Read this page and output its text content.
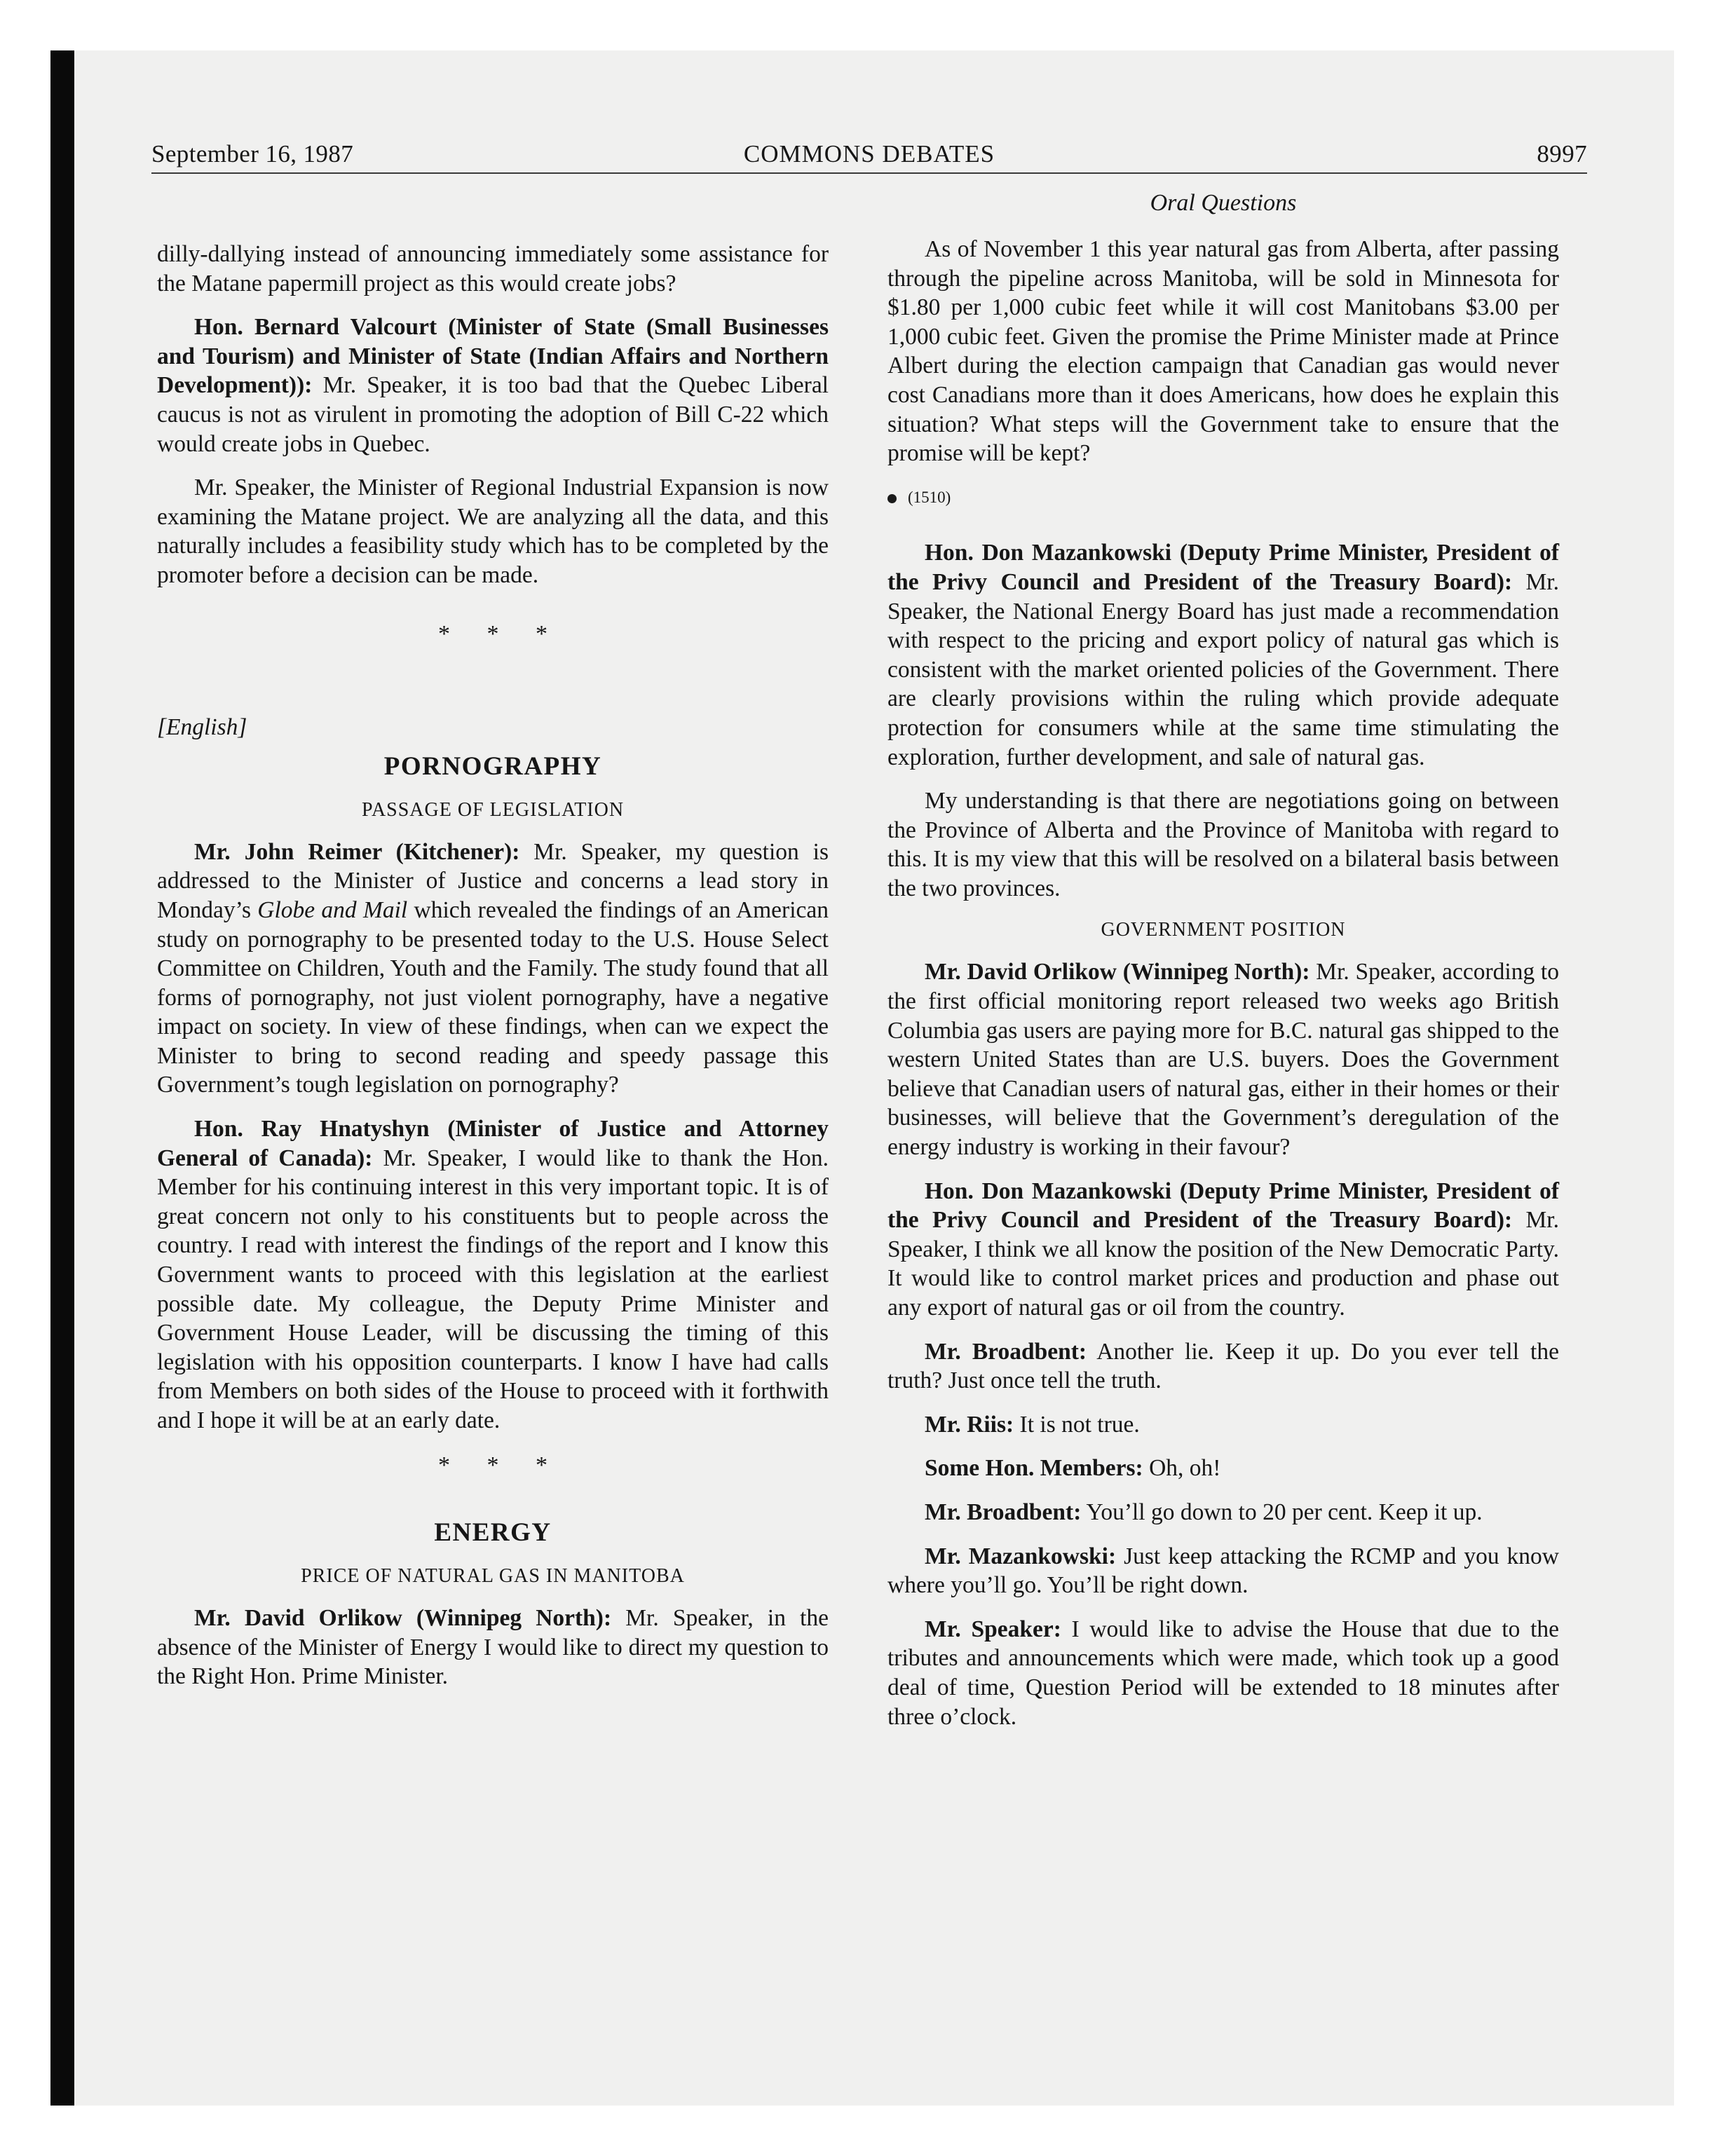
September 16, 1987	COMMONS DEBATES	8997

dilly-dallying instead of announcing immediately some assistance for the Matane papermill project as this would create jobs?

Hon. Bernard Valcourt (Minister of State (Small Businesses and Tourism) and Minister of State (Indian Affairs and Northern Development)): Mr. Speaker, it is too bad that the Quebec Liberal caucus is not as virulent in promoting the adoption of Bill C-22 which would create jobs in Quebec.

Mr. Speaker, the Minister of Regional Industrial Expansion is now examining the Matane project. We are analyzing all the data, and this naturally includes a feasibility study which has to be completed by the promoter before a decision can be made.

* * *
[English]
PORNOGRAPHY
PASSAGE OF LEGISLATION

Mr. John Reimer (Kitchener): Mr. Speaker, my question is addressed to the Minister of Justice and concerns a lead story in Monday’s Globe and Mail which revealed the findings of an American study on pornography to be presented today to the U.S. House Select Committee on Children, Youth and the Family. The study found that all forms of pornography, not just violent pornography, have a negative impact on society. In view of these findings, when can we expect the Minister to bring to second reading and speedy passage this Government’s tough legislation on pornography?

Hon. Ray Hnatyshyn (Minister of Justice and Attorney General of Canada): Mr. Speaker, I would like to thank the Hon. Member for his continuing interest in this very important topic. It is of great concern not only to his constituents but to people across the country. I read with interest the findings of the report and I know this Government wants to proceed with this legislation at the earliest possible date. My colleague, the Deputy Prime Minister and Government House Leader, will be discussing the timing of this legislation with his opposition counterparts. I know I have had calls from Members on both sides of the House to proceed with it forthwith and I hope it will be at an early date.

* * *
ENERGY
PRICE OF NATURAL GAS IN MANITOBA

Mr. David Orlikow (Winnipeg North): Mr. Speaker, in the absence of the Minister of Energy I would like to direct my question to the Right Hon. Prime Minister.

Oral Questions

As of November 1 this year natural gas from Alberta, after passing through the pipeline across Manitoba, will be sold in Minnesota for $1.80 per 1,000 cubic feet while it will cost Manitobans $3.00 per 1,000 cubic feet. Given the promise the Prime Minister made at Prince Albert during the election campaign that Canadian gas would never cost Canadians more than it does Americans, how does he explain this situation? What steps will the Government take to ensure that the promise will be kept?

(1510)

Hon. Don Mazankowski (Deputy Prime Minister, President of the Privy Council and President of the Treasury Board): Mr. Speaker, the National Energy Board has just made a recommendation with respect to the pricing and export policy of natural gas which is consistent with the market oriented policies of the Government. There are clearly provisions within the ruling which provide adequate protection for consumers while at the same time stimulating the exploration, further development, and sale of natural gas.

My understanding is that there are negotiations going on between the Province of Alberta and the Province of Manitoba with regard to this. It is my view that this will be resolved on a bilateral basis between the two provinces.

GOVERNMENT POSITION

Mr. David Orlikow (Winnipeg North): Mr. Speaker, according to the first official monitoring report released two weeks ago British Columbia gas users are paying more for B.C. natural gas shipped to the western United States than are U.S. buyers. Does the Government believe that Canadian users of natural gas, either in their homes or their businesses, will believe that the Government’s deregulation of the energy industry is working in their favour?

Hon. Don Mazankowski (Deputy Prime Minister, President of the Privy Council and President of the Treasury Board): Mr. Speaker, I think we all know the position of the New Democratic Party. It would like to control market prices and production and phase out any export of natural gas or oil from the country.

Mr. Broadbent: Another lie. Keep it up. Do you ever tell the truth? Just once tell the truth.

Mr. Riis: It is not true.

Some Hon. Members: Oh, oh!

Mr. Broadbent: You’ll go down to 20 per cent. Keep it up.

Mr. Mazankowski: Just keep attacking the RCMP and you know where you’ll go. You’ll be right down.

Mr. Speaker: I would like to advise the House that due to the tributes and announcements which were made, which took up a good deal of time, Question Period will be extended to 18 minutes after three o’clock.
